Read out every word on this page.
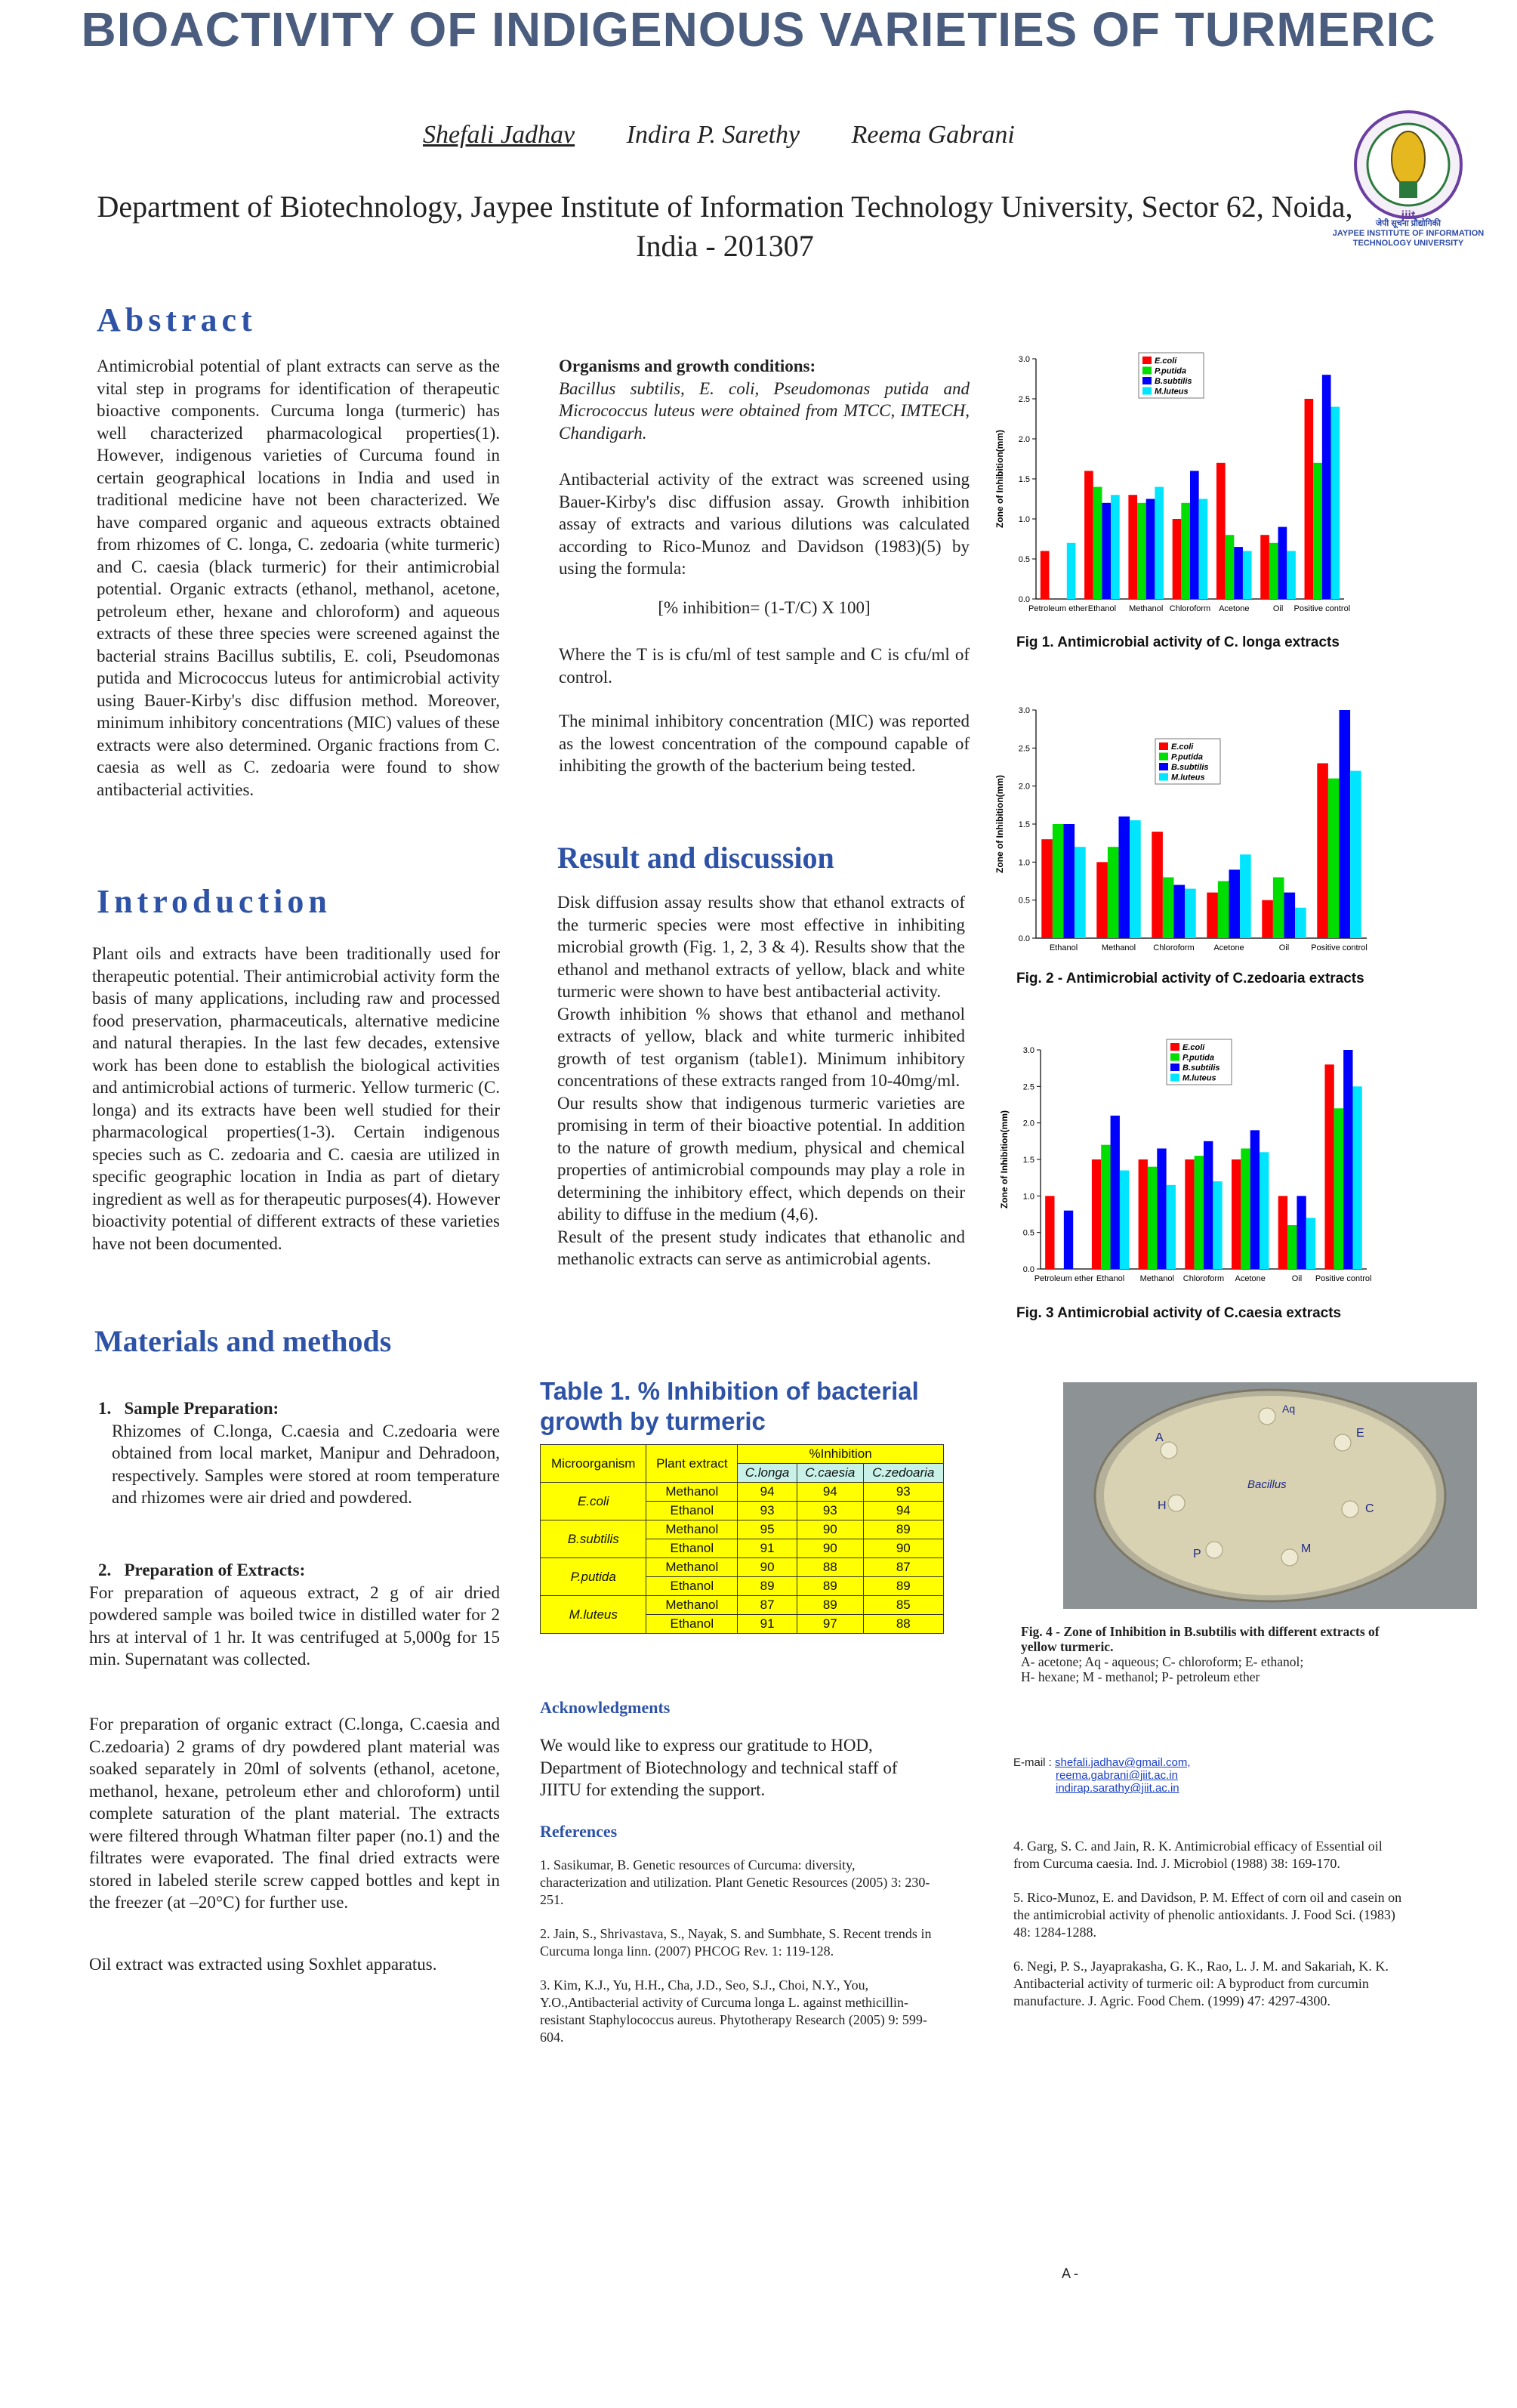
BIOACTIVITY OF INDIGENOUS VARIETIES OF TURMERIC
Shefali Jadhav Indira P. Sarethy Reema Gabrani
Department of Biotechnology, Jaypee Institute of Information Technology University, Sector 62, Noida, India - 201307
jiit
जेपी सूचना प्रौद्योगिकी
JAYPEE INSTITUTE OF INFORMATION TECHNOLOGY UNIVERSITY
Abstract
Antimicrobial potential of plant extracts can serve as the vital step in programs for identification of therapeutic bioactive components. Curcuma longa (turmeric) has well characterized pharmacological properties(1). However, indigenous varieties of Curcuma found in certain geographical locations in India and used in traditional medicine have not been characterized. We have compared organic and aqueous extracts obtained from rhizomes of C. longa, C. zedoaria (white turmeric) and C. caesia (black turmeric) for their antimicrobial potential. Organic extracts (ethanol, methanol, acetone, petroleum ether, hexane and chloroform) and aqueous extracts of these three species were screened against the bacterial strains Bacillus subtilis, E. coli, Pseudomonas putida and Micrococcus luteus for antimicrobial activity using Bauer-Kirby's disc diffusion method. Moreover, minimum inhibitory concentrations (MIC) values of these extracts were also determined. Organic fractions from C. caesia as well as C. zedoaria were found to show antibacterial activities.
Introduction
Plant oils and extracts have been traditionally used for therapeutic potential. Their antimicrobial activity form the basis of many applications, including raw and processed food preservation, pharmaceuticals, alternative medicine and natural therapies. In the last few decades, extensive work has been done to establish the biological activities and antimicrobial actions of turmeric. Yellow turmeric (C. longa) and its extracts have been well studied for their pharmacological properties(1-3). Certain indigenous species such as C. zedoaria and C. caesia are utilized in specific geographic location in India as part of dietary ingredient as well as for therapeutic purposes(4). However bioactivity potential of different extracts of these varieties have not been documented.
Materials and methods
1.   Sample Preparation:
Rhizomes of C.longa, C.caesia and C.zedoaria were obtained from local market, Manipur and Dehradoon, respectively. Samples were stored at room temperature and rhizomes were air dried and powdered.
2.   Preparation of Extracts:
For preparation of aqueous extract, 2 g of air dried powdered sample was boiled twice in distilled water for 2 hrs at interval of 1 hr. It was centrifuged at 5,000g for 15 min. Supernatant was collected.
For preparation of organic extract (C.longa, C.caesia and C.zedoaria) 2 grams of dry powdered plant material was soaked separately in 20ml of solvents (ethanol, acetone, methanol, hexane, petroleum ether and chloroform) until complete saturation of the plant material. The extracts were filtered through Whatman filter paper (no.1) and the filtrates were evaporated. The final dried extracts were stored in labeled sterile screw capped bottles and kept in the freezer (at –20°C) for further use.
Oil extract was extracted using Soxhlet apparatus.
Organisms and growth conditions:
Bacillus subtilis, E. coli, Pseudomonas putida and Micrococcus luteus were obtained from MTCC, IMTECH, Chandigarh.
Antibacterial activity of the extract was screened using Bauer-Kirby's disc diffusion assay. Growth inhibition assay of extracts and various dilutions was calculated according to Rico-Munoz and Davidson (1983)(5) by using the formula:
[% inhibition= (1-T/C) X 100]
Where the T is is cfu/ml of test sample and C is cfu/ml of control.
The minimal inhibitory concentration (MIC) was reported as the lowest concentration of the compound capable of inhibiting the growth of the bacterium being tested.
Result and discussion

Disk diffusion assay results show that ethanol extracts of the turmeric species were most effective in inhibiting microbial growth (Fig. 1, 2, 3 & 4). Results show that the ethanol and methanol extracts of yellow, black and white turmeric were shown to have best antibacterial activity.

Growth inhibition % shows that ethanol and methanol extracts of yellow, black and white turmeric inhibited growth of test organism (table1). Minimum inhibitory concentrations of these extracts ranged from 10-40mg/ml.

Our results show that indigenous turmeric varieties are promising in term of their bioactive potential. In addition to the nature of growth medium, physical and chemical properties of antimicrobial compounds may play a role in determining the inhibitory effect, which depends on their ability to diffuse in the medium (4,6).

Result of the present study indicates that ethanolic and methanolic extracts can serve as antimicrobial agents.

Table 1. % Inhibition of bacterial growth by turmeric
Microorganism	Plant extract	%Inhibition		
		C.longa	C.caesia	C.zedoaria
E.coli	Methanol	94	94	93
	Ethanol	93	93	94
B.subtilis	Methanol	95	90	89
	Ethanol	91	90	90
P.putida	Methanol	90	88	87
	Ethanol	89	89	89
M.luteus	Methanol	87	89	85
	Ethanol	91	97	88
Acknowledgments
We would like to express our gratitude to HOD, Department of Biotechnology and technical staff of JIITU for extending the support.
References
1. Sasikumar, B. Genetic resources of Curcuma: diversity, characterization and utilization. Plant Genetic Resources (2005) 3: 230-251.
2. Jain, S., Shrivastava, S., Nayak, S. and Sumbhate, S. Recent trends in Curcuma longa linn. (2007) PHCOG Rev. 1: 119-128.
3. Kim, K.J., Yu, H.H., Cha, J.D., Seo, S.J., Choi, N.Y., You, Y.O.,Antibacterial activity of Curcuma longa L. against methicillin-resistant Staphylococcus aureus. Phytotherapy Research (2005) 9: 599-604.
4. Garg, S. C. and Jain, R. K. Antimicrobial efficacy of Essential oil from Curcuma caesia. Ind. J. Microbiol (1988) 38: 169-170.
5. Rico-Munoz, E. and Davidson, P. M. Effect of corn oil and casein on the antimicrobial activity of phenolic antioxidants. J. Food Sci. (1983) 48: 1284-1288.
6. Negi, P. S., Jayaprakasha, G. K., Rao, L. J. M. and Sakariah, K. K. Antibacterial activity of turmeric oil: A byproduct from curcumin manufacture. J. Agric. Food Chem. (1999) 47: 4297-4300.
E-mail : shefali.jadhav@gmail.com,
reema.gabrani@jiit.ac.in
indirap.sarathy@jiit.ac.in
A
Aq
E
H	C
P	M
Bacillus
Fig. 4 - Zone of Inhibition in B.subtilis with different extracts of yellow turmeric.
A- acetone; Aq - aqueous; C- chloroform; E- ethanol;
H- hexane; M - methanol; P- petroleum ether
0.0
0.5
1.0
1.5
2.0
2.5
3.0
Zone of Inhibition(mm)
Petroleum ether Ethanol Methanol Chloroform Acetone	Oil Positive control
E.coli
P.putida
B.subtilis
M.luteus
Fig 1. Antimicrobial activity of C. longa extracts
0.0
0.5
1.0
1.5
2.0
2.5
3.0
Zone of Inhibition(mm)
Ethanol	Methanol Chloroform Acetone	Oil	Positive control
E.coli
P.putida
B.subtilis
M.luteus
Fig. 2 - Antimicrobial activity of C.zedoaria extracts
0.0
0.5
1.0
1.5
2.0
2.5
3.0
Zone of Inhibition(mm)
Petroleum ether Ethanol Methanol Chloroform Acetone	Oil Positive control
E.coli
P.putida
B.subtilis
M.luteus
Fig. 3 Antimicrobial activity of C.caesia extracts
A -
